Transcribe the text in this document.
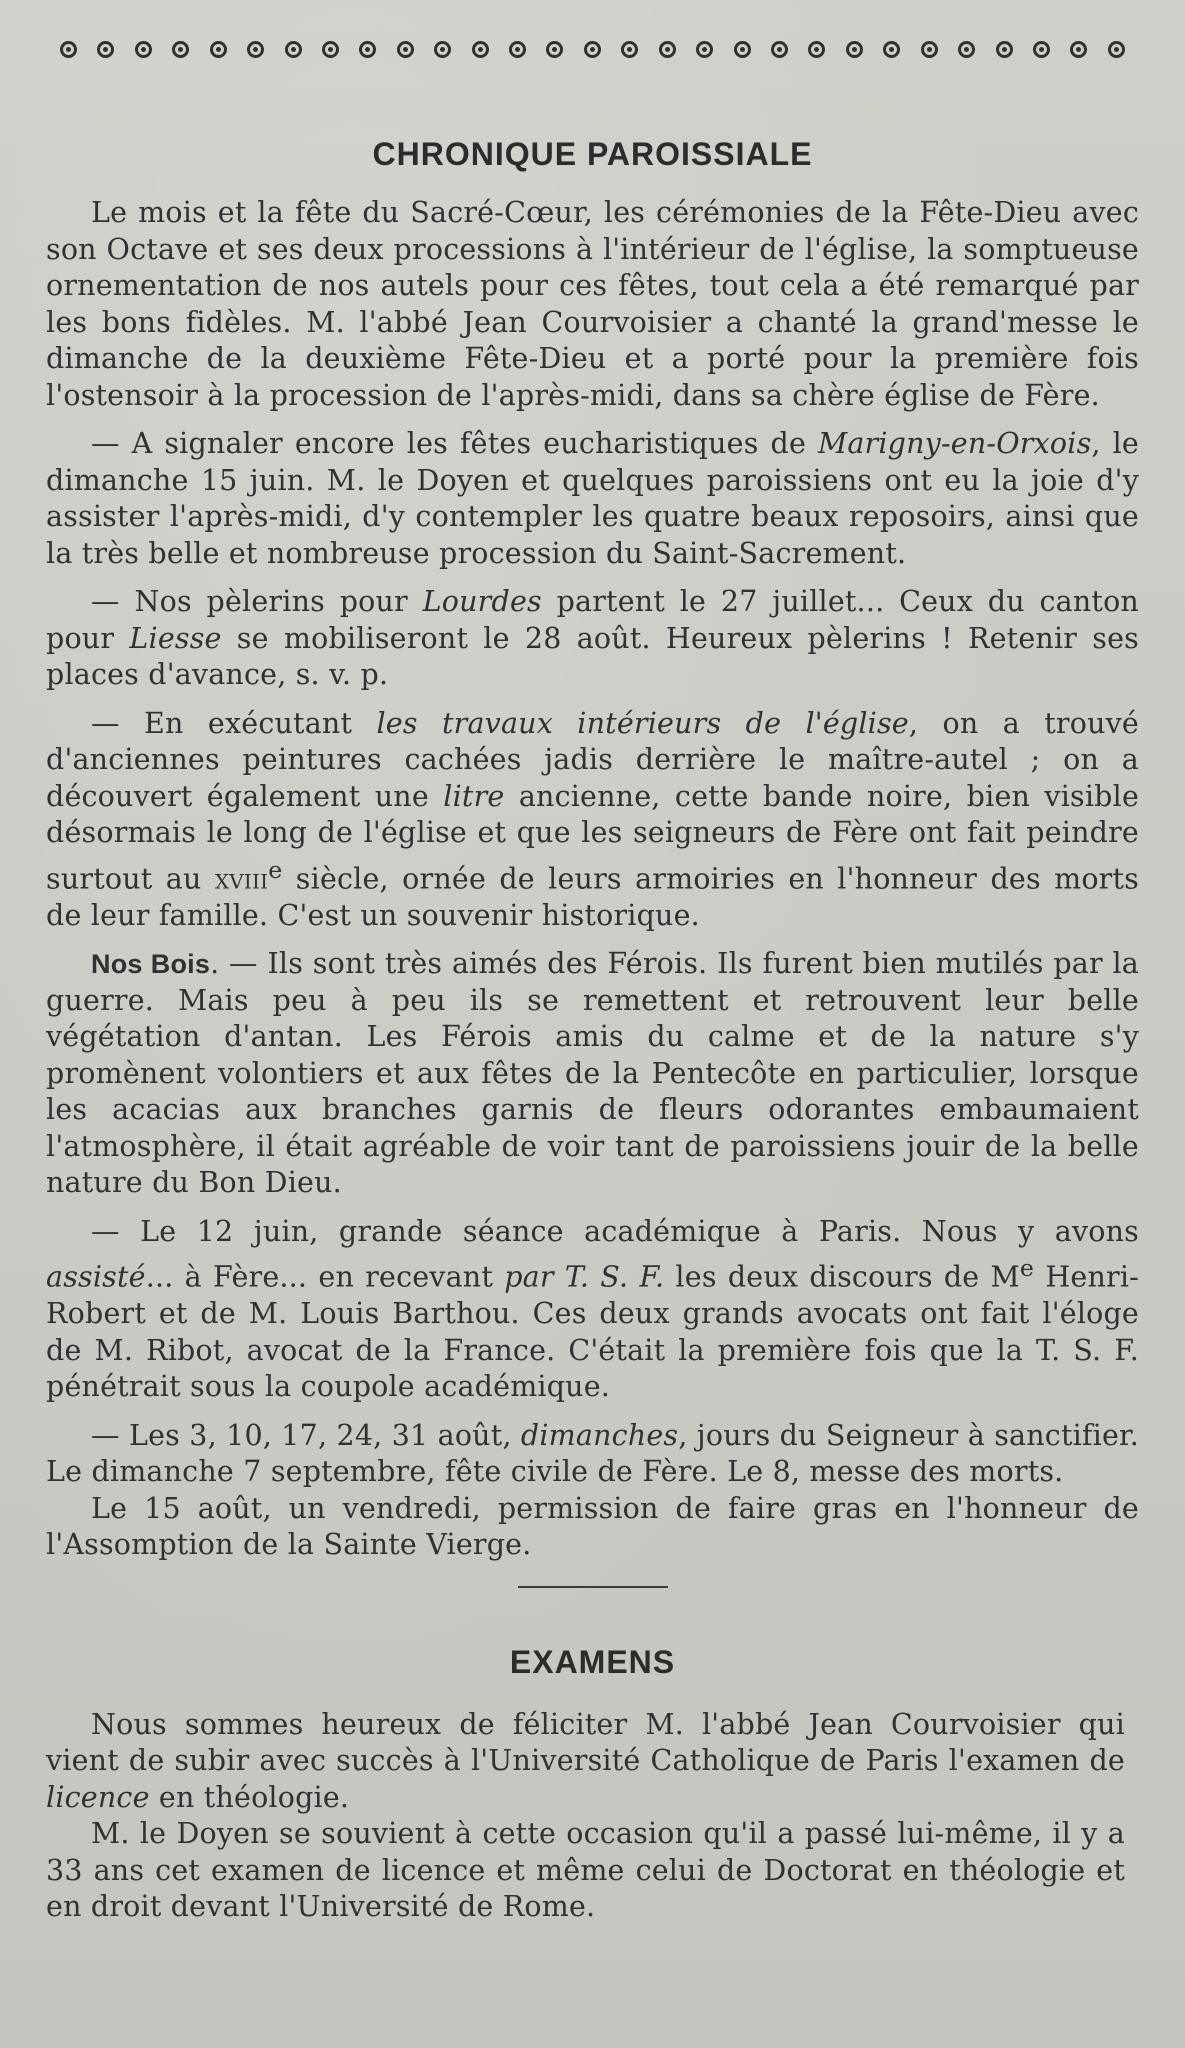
CHRONIQUE PAROISSIALE

Le mois et la fête du Sacré-Cœur, les cérémonies de la Fête-Dieu avec son Octave et ses deux processions à l'intérieur de l'église, la somptueuse ornementation de nos autels pour ces fêtes, tout cela a été remarqué par les bons fidèles. M. l'abbé Jean Courvoisier a chanté la grand'messe le dimanche de la deuxième Fête-Dieu et a porté pour la première fois l'ostensoir à la procession de l'après-midi, dans sa chère église de Fère.

— A signaler encore les fêtes eucharistiques de Marigny-en-Orxois, le dimanche 15 juin. M. le Doyen et quelques paroissiens ont eu la joie d'y assister l'après-midi, d'y contempler les quatre beaux reposoirs, ainsi que la très belle et nombreuse procession du Saint-Sacrement.

— Nos pèlerins pour Lourdes partent le 27 juillet... Ceux du canton pour Liesse se mobiliseront le 28 août. Heureux pèlerins ! Retenir ses places d'avance, s. v. p.

— En exécutant les travaux intérieurs de l'église, on a trouvé d'anciennes peintures cachées jadis derrière le maître-autel ; on a découvert également une litre ancienne, cette bande noire, bien visible désormais le long de l'église et que les seigneurs de Fère ont fait peindre surtout au xviii$^e$ siècle, ornée de leurs armoiries en l'honneur des morts de leur famille. C'est un souvenir historique.

Nos Bois. — Ils sont très aimés des Férois. Ils furent bien mutilés par la guerre. Mais peu à peu ils se remettent et retrouvent leur belle végétation d'antan. Les Férois amis du calme et de la nature s'y promènent volontiers et aux fêtes de la Pentecôte en particulier, lorsque les acacias aux branches garnis de fleurs odorantes embaumaient l'atmosphère, il était agréable de voir tant de paroissiens jouir de la belle nature du Bon Dieu.

— Le 12 juin, grande séance académique à Paris. Nous y avons assisté... à Fère... en recevant par T. S. F. les deux discours de Me Henri-Robert et de M. Louis Barthou. Ces deux grands avocats ont fait l'éloge de M. Ribot, avocat de la France. C'était la première fois que la T. S. F. pénétrait sous la coupole académique.

— Les 3, 10, 17, 24, 31 août, dimanches, jours du Seigneur à sanctifier. Le dimanche 7 septembre, fête civile de Fère. Le 8, messe des morts.

Le 15 août, un vendredi, permission de faire gras en l'honneur de l'Assomption de la Sainte Vierge.

EXAMENS

Nous sommes heureux de féliciter M. l'abbé Jean Courvoisier qui vient de subir avec succès à l'Université Catholique de Paris l'examen de licence en théologie.

M. le Doyen se souvient à cette occasion qu'il a passé lui-même, il y a 33 ans cet examen de licence et même celui de Doctorat en théologie et en droit devant l'Université de Rome.
